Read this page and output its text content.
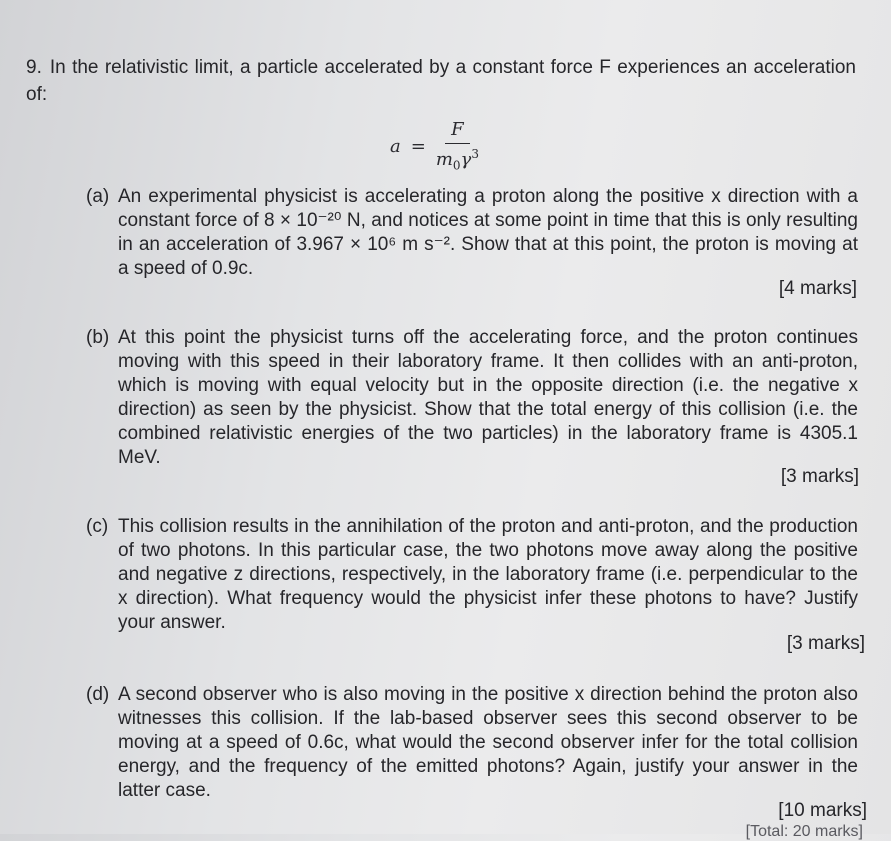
9. In the relativistic limit, a particle accelerated by a constant force F experiences an acceleration of:
$a = \frac{F}{m_0\gamma^3}$
(a) An experimental physicist is accelerating a proton along the positive x direction with a constant force of 8 × 10⁻²⁰ N, and notices at some point in time that this is only resulting in an acceleration of 3.967 × 10⁶ m s⁻². Show that at this point, the proton is moving at a speed of 0.9c.
[4 marks]
(b) At this point the physicist turns off the accelerating force, and the proton continues moving with this speed in their laboratory frame. It then collides with an anti-proton, which is moving with equal velocity but in the opposite direction (i.e. the negative x direction) as seen by the physicist. Show that the total energy of this collision (i.e. the combined relativistic energies of the two particles) in the laboratory frame is 4305.1 MeV.
[3 marks]
(c) This collision results in the annihilation of the proton and anti-proton, and the production of two photons. In this particular case, the two photons move away along the positive and negative z directions, respectively, in the laboratory frame (i.e. perpendicular to the x direction). What frequency would the physicist infer these photons to have? Justify your answer.
[3 marks]
(d) A second observer who is also moving in the positive x direction behind the proton also witnesses this collision. If the lab-based observer sees this second observer to be moving at a speed of 0.6c, what would the second observer infer for the total collision energy, and the frequency of the emitted photons? Again, justify your answer in the latter case.
[10 marks]
[Total: 20 marks]
